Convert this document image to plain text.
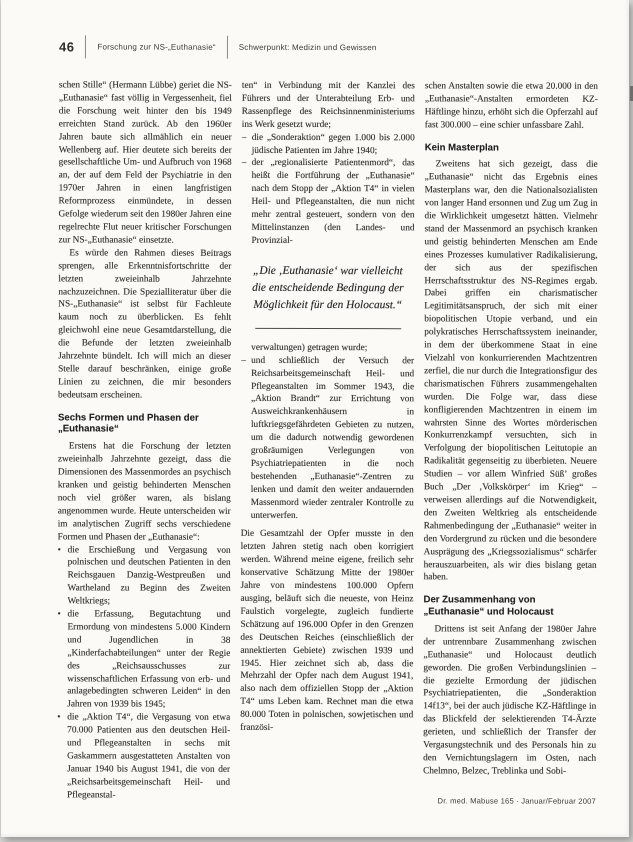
46	Forschung zur NS-„Euthanasie“	Schwerpunkt: Medizin und Gewissen

schen Stille“ (Hermann Lübbe) geriet die NS-„Euthanasie“ fast völlig in Vergessenheit, fiel die Forschung weit hinter den bis 1949 erreichten Stand zurück. Ab den 1960er Jahren baute sich allmählich ein neuer Wellenberg auf. Hier deutete sich bereits der gesellschaftliche Um- und Aufbruch von 1968 an, der auf dem Feld der Psychiatrie in den 1970er Jahren in einen langfristigen Reformprozess einmündete, in dessen Gefolge wiederum seit den 1980er Jahren eine regelrechte Flut neuer kritischer Forschungen zur NS-„Euthanasie“ einsetzte.

Es würde den Rahmen dieses Beitrags sprengen, alle Erkenntnisfortschritte der letzten zweieinhalb Jahrzehnte nachzuzeichnen. Die Spezialliteratur über die NS-„Euthanasie“ ist selbst für Fachleute kaum noch zu überblicken. Es fehlt gleichwohl eine neue Gesamtdarstellung, die die Befunde der letzten zweieinhalb Jahrzehnte bündelt. Ich will mich an dieser Stelle darauf beschränken, einige große Linien zu zeichnen, die mir besonders bedeutsam erscheinen.

Sechs Formen und Phasen der „Euthanasie“

Erstens hat die Forschung der letzten zweieinhalb Jahrzehnte gezeigt, dass die Dimensionen des Massenmordes an psychisch kranken und geistig behinderten Menschen noch viel größer waren, als bislang angenommen wurde. Heute unterscheiden wir im analytischen Zugriff sechs verschiedene Formen und Phasen der „Euthanasie“:

• die Erschießung und Vergasung von polnischen und deutschen Patienten in den Reichsgauen Danzig-Westpreußen und Wartheland zu Beginn des Zweiten Weltkriegs;
• die Erfassung, Begutachtung und Ermordung von mindestens 5.000 Kindern und Jugendlichen in 38 „Kinderfachabteilungen“ unter der Regie des „Reichsausschusses zur wissenschaftlichen Erfassung von erb- und anlagebedingten schweren Leiden“ in den Jahren von 1939 bis 1945;
• die „Aktion T4“, die Vergasung von etwa 70.000 Patienten aus den deutschen Heil- und Pflegeanstalten in sechs mit Gaskammern ausgestatteten Anstalten von Januar 1940 bis August 1941, die von der „Reichsarbeitsgemeinschaft Heil- und Pflegeanstal-

ten“ in Verbindung mit der Kanzlei des Führers und der Unterabteilung Erb- und Rassenpflege des Reichsinnenministeriums ins Werk gesetzt wurde;

– die „Sonderaktion“ gegen 1.000 bis 2.000 jüdische Patienten im Jahre 1940;
– der „regionalisierte Patientenmord“, das heißt die Fortführung der „Euthanasie“ nach dem Stopp der „Aktion T4“ in vielen Heil- und Pflegeanstalten, die nun nicht mehr zentral gesteuert, sondern von den Mittelinstanzen (den Landes- und Provinzial-
„Die ‚Euthanasie‘ war vielleicht die entscheidende Bedingung der Möglichkeit für den Holocaust.“

verwaltungen) getragen wurde;

– und schließlich der Versuch der Reichsarbeitsgemeinschaft Heil- und Pflegeanstalten im Sommer 1943, die „Aktion Brandt“ zur Errichtung von Ausweichkrankenhäusern in luftkriegsgefährdeten Gebieten zu nutzen, um die dadurch notwendig gewordenen großräumigen Verlegungen von Psychiatriepatienten in die noch bestehenden „Euthanasie“-Zentren zu lenken und damit den weiter andauernden Massenmord wieder zentraler Kontrolle zu unterwerfen.

Die Gesamtzahl der Opfer musste in den letzten Jahren stetig nach oben korrigiert werden. Während meine eigene, freilich sehr konservative Schätzung Mitte der 1980er Jahre von mindestens 100.000 Opfern ausging, beläuft sich die neueste, von Heinz Faulstich vorgelegte, zugleich fundierte Schätzung auf 196.000 Opfer in den Grenzen des Deutschen Reiches (einschließlich der annektierten Gebiete) zwischen 1939 und 1945. Hier zeichnet sich ab, dass die Mehrzahl der Opfer nach dem August 1941, also nach dem offiziellen Stopp der „Aktion T4“ ums Leben kam. Rechnet man die etwa 80.000 Toten in polnischen, sowjetischen und französi-

schen Anstalten sowie die etwa 20.000 in den „Euthanasie“-Anstalten ermordeten KZ-Häftlinge hinzu, erhöht sich die Opferzahl auf fast 300.000 – eine schier unfassbare Zahl.

Kein Masterplan

Zweitens hat sich gezeigt, dass die „Euthanasie“ nicht das Ergebnis eines Masterplans war, den die Nationalsozialisten von langer Hand ersonnen und Zug um Zug in die Wirklichkeit umgesetzt hätten. Vielmehr stand der Massenmord an psychisch kranken und geistig behinderten Menschen am Ende eines Prozesses kumulativer Radikalisierung, der sich aus der spezifischen Herrschaftsstruktur des NS-Regimes ergab. Dabei griffen ein charismatischer Legitimitätsanspruch, der sich mit einer biopolitischen Utopie verband, und ein polykratisches Herrschaftssystem ineinander, in dem der überkommene Staat in eine Vielzahl von konkurrierenden Machtzentren zerfiel, die nur durch die Integrationsfigur des charismatischen Führers zusammengehalten wurden. Die Folge war, dass diese konfligierenden Machtzentren in einem im wahrsten Sinne des Wortes mörderischen Konkurrenzkampf versuchten, sich in Verfolgung der biopolitischen Leitutopie an Radikalität gegenseitig zu überbieten. Neuere Studien – vor allem Winfried Süß’ großes Buch „Der ‚Volkskörper‘ im Krieg“ – verweisen allerdings auf die Notwendigkeit, den Zweiten Weltkrieg als entscheidende Rahmenbedingung der „Euthanasie“ weiter in den Vordergrund zu rücken und die besondere Ausprägung des „Kriegssozialismus“ schärfer herauszuarbeiten, als wir dies bislang getan haben.

Der Zusammenhang von „Euthanasie“ und Holocaust

Drittens ist seit Anfang der 1980er Jahre der untrennbare Zusammenhang zwischen „Euthanasie“ und Holocaust deutlich geworden. Die großen Verbindungslinien – die gezielte Ermordung der jüdischen Psychiatriepatienten, die „Sonderaktion 14f13“, bei der auch jüdische KZ-Häftlinge in das Blickfeld der selektierenden T4-Ärzte gerieten, und schließlich der Transfer der Vergasungstechnik und des Personals hin zu den Vernichtungslagern im Osten, nach Chelmno, Belzec, Treblinka und Sobi-

Dr. med. Mabuse 165 · Januar/Februar 2007
